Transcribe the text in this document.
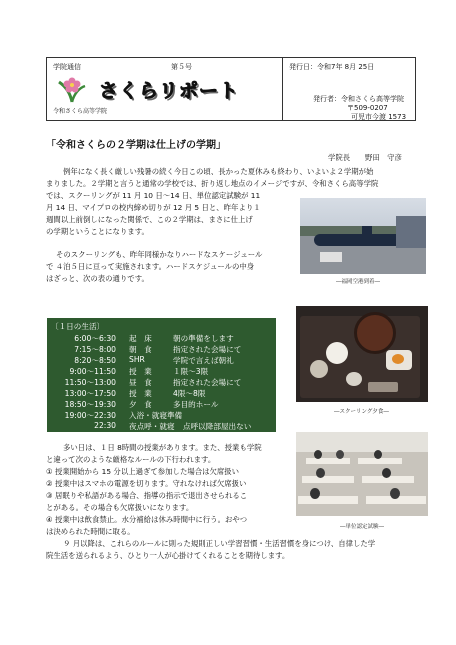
学院通信	第５号
さくらリポート
令和さくら高等学院
発行日：令和7年 8月 25日
発行者：令和さくら高等学院
〒509-0207
可児市今渡 1573
「令和さくらの２学期は仕上げの学期」
学院長　　野田　守彦
例年になく長く厳しい残暑の続く今日この頃、長かった夏休みも終わり、いよいよ２学期が始
まりました。２学期と言うと通常の学校では、折り返し地点のイメージですが、令和さくら高等学院
では、スクーリングが 11 月 10 日～14 日、単位認定試験が 11
月 14 日、マイプロの校内締め切りが 12 月 5 日と、昨年より１
週間以上前倒しになった関係で、この２学期は、まさに仕上げ
の学期ということになります。
そのスクーリングも、昨年同様かなりハードなスケージュール
で ４泊５日に亘って実施されます。ハードスケジュールの中身
はざっと、次の表の通りです。	―福岡空港到着―
〔１日の生活〕
6:00～6:30 起　床	朝の準備をします
7:15～8:00 朝　食	指定された会場にて
8:20～8:50 SHR	学院で言えば朝礼
9:00～11:50 授　業	１限～3限
11:50～13:00 昼　食	指定された会場にて
13:00～17:50 授　業	4限～8限
18:50～19:30 夕　食	多目的ホール
19:00～22:30 入浴・就寝準備
22:30 夜点呼・就寝 点呼以降部屋出ない
―スクーリング夕食―
―単位認定試験―
多い日は、１日 8時間の授業があります。また、授業も学院
と違って次のような厳格なルールの下行われます。
① 授業開始から 15 分以上過ぎて参加した場合は欠席扱い
② 授業中はスマホの電源を切ります。守れなければ欠席扱い
③ 居眠りや私語がある場合、指導の指示で退出させられるこ
とがある。その場合も欠席扱いになります。
④ 授業中は飲食禁止。水分補給は休み時間中に行う。おやつ
は決められた時間に取る。
９ 月以降は、これらのルールに則った規則正しい学習習慣・生活習慣を身につけ、自律した学
院生活を送られるよう、ひとり一人が心掛けてくれることを期待します。
